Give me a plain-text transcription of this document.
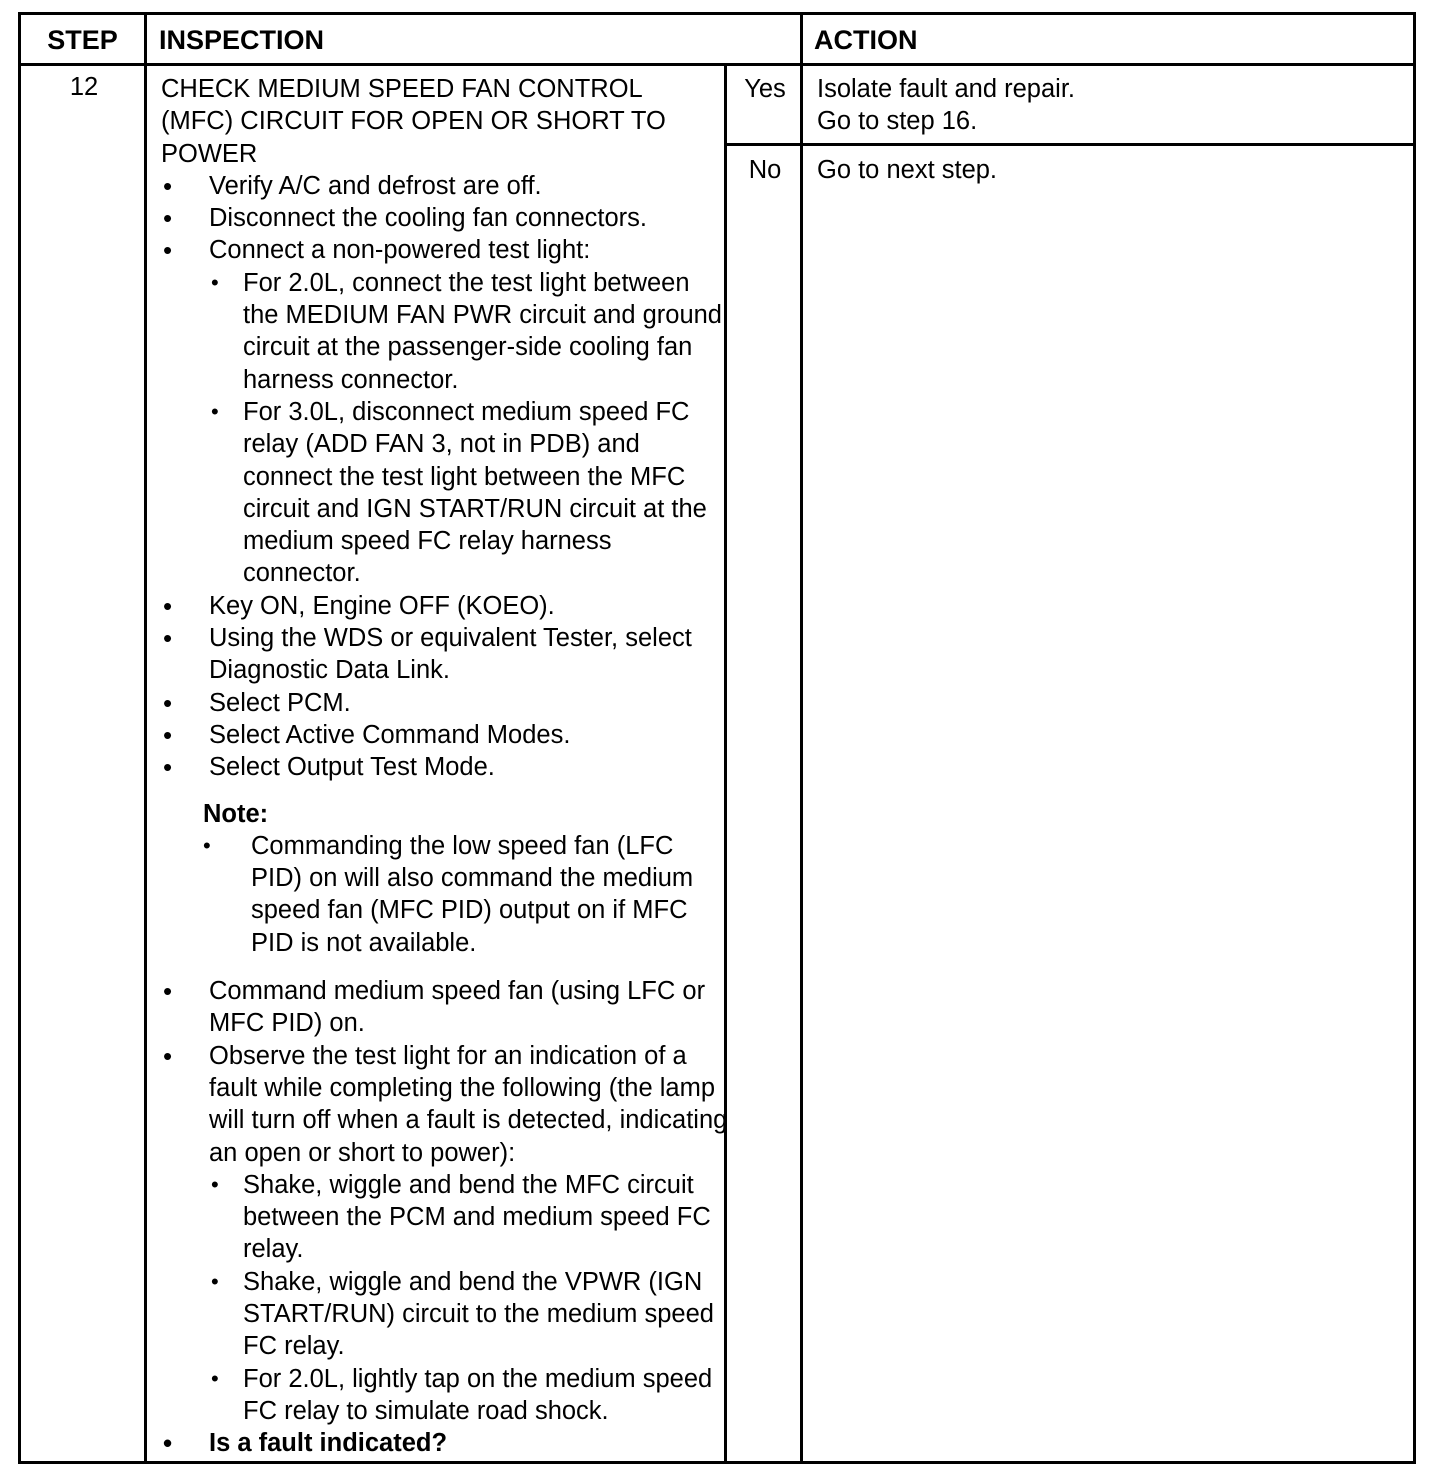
STEP	INSPECTION	ACTION
12	CHECK MEDIUM SPEED FAN CONTROL
(MFC) CIRCUIT FOR OPEN OR SHORT TO
POWER
• Verify A/C and defrost are off.
• Disconnect the cooling fan connectors.
• Connect a non-powered test light:
• For 2.0L, connect the test light between the MEDIUM FAN PWR circuit and ground circuit at the passenger-side cooling fan harness connector.
• For 3.0L, disconnect medium speed FC relay (ADD FAN 3, not in PDB) and connect the test light between the MFC circuit and IGN START/RUN circuit at the medium speed FC relay harness connector.
• Key ON, Engine OFF (KOEO).
• Using the WDS or equivalent Tester, select Diagnostic Data Link.
• Select PCM.
• Select Active Command Modes.
• Select Output Test Mode.
Note:
• Commanding the low speed fan (LFC PID) on will also command the medium speed fan (MFC PID) output on if MFC PID is not available.
• Command medium speed fan (using LFC or MFC PID) on.
• Observe the test light for an indication of a fault while completing the following (the lamp will turn off when a fault is detected, indicating an open or short to power):
• Shake, wiggle and bend the MFC circuit between the PCM and medium speed FC relay.
• Shake, wiggle and bend the VPWR (IGN START/RUN) circuit to the medium speed FC relay.
• For 2.0L, lightly tap on the medium speed FC relay to simulate road shock.
• Is a fault indicated?
Yes	Isolate fault and repair.
Go to step 16.
No	Go to next step.
